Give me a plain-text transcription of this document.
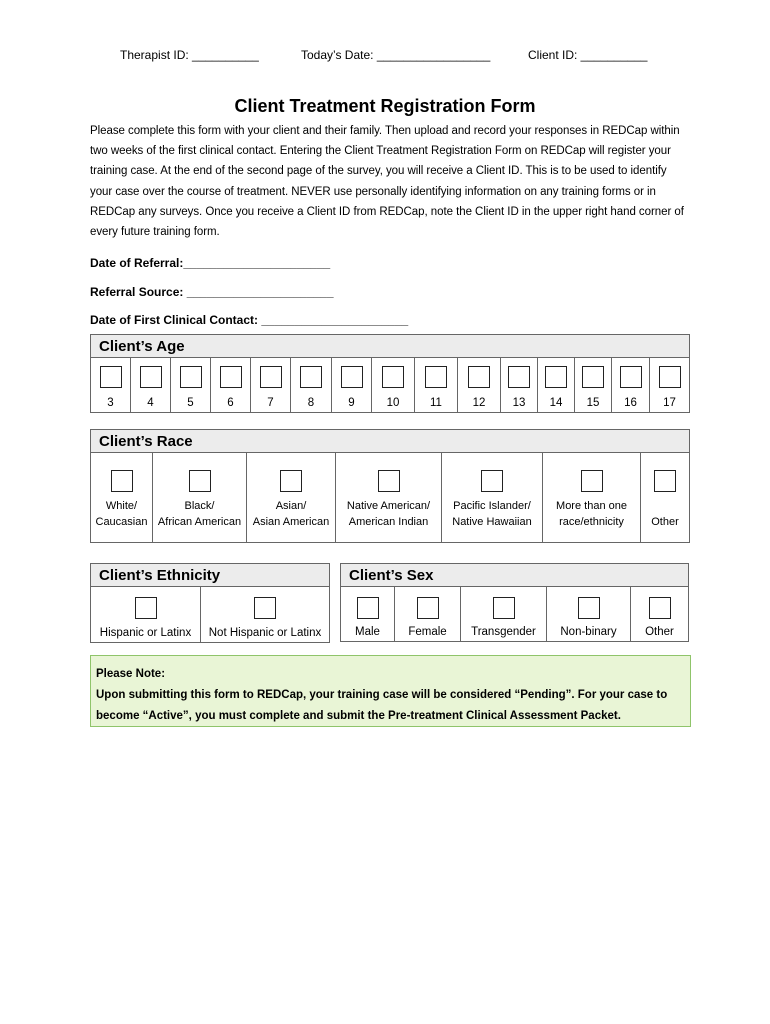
Therapist ID: __________	Today’s Date: _________________	Client ID: __________
Client Treatment Registration Form
Please complete this form with your client and their family. Then upload and record your responses in REDCap within two weeks of the first clinical contact. Entering the Client Treatment Registration Form on REDCap will register your training case. At the end of the second page of the survey, you will receive a Client ID. This is to be used to identify your case over the course of treatment. NEVER use personally identifying information on any training forms or in REDCap any surveys. Once you receive a Client ID from REDCap, note the Client ID in the upper right hand corner of every future training form.
Date of Referral:______________________
Referral Source: ______________________
Date of First Clinical Contact: ______________________
Client’s Age
3	4	5	6	7	8	9	10	11	12 13 14 15 16 17
Client’s Race
White/
Caucasian
Black/
African American
Asian/
Asian American
Native American/
American Indian
Pacific Islander/
Native Hawaiian
More than one
race/ethnicity Other
Client’s Ethnicity
Hispanic or Latinx Not Hispanic or Latinx
Client’s Sex
Male Female Transgender Non-binary Other
Please Note:
Upon submitting this form to REDCap, your training case will be considered “Pending”. For your case to become “Active”, you must complete and submit the Pre-treatment Clinical Assessment Packet.
